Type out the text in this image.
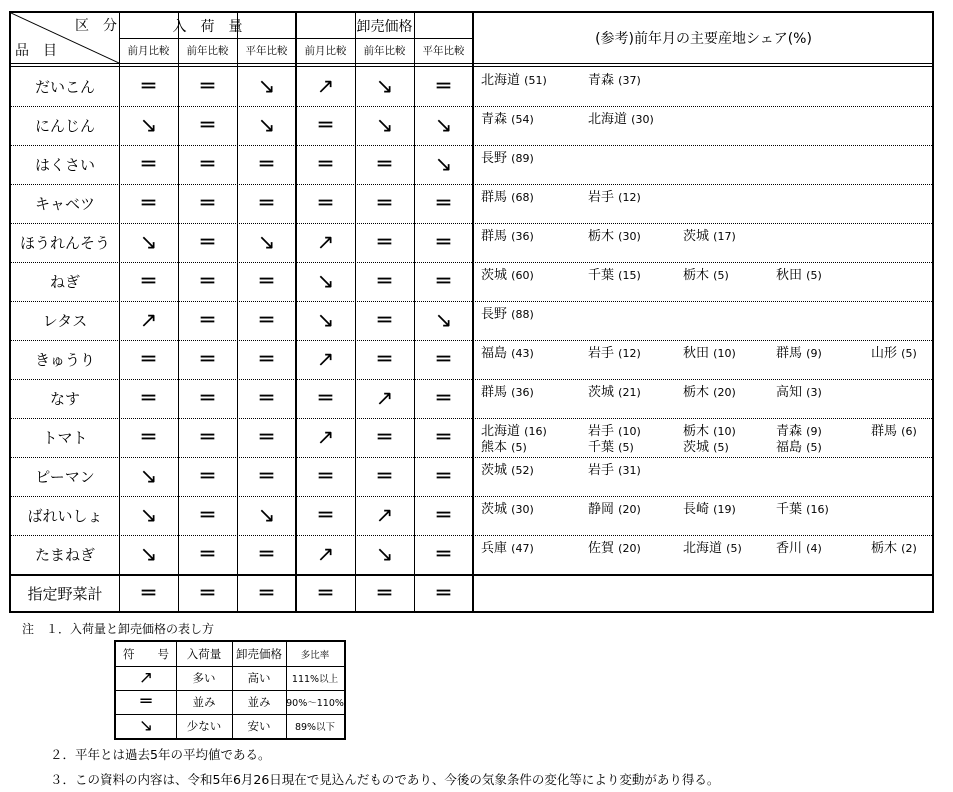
区　分
品　目
入　荷　量	卸売価格
(参考)前年月の主要産地シェア(%)
前月比較	前年比較	平年比較	前月比較	前年比較	平年比較
だいこん	═	═	↘	↗	↘	═	北海道 (51)	青森 (37)
にんじん	↘	═	↘	═	↘	↘	青森 (54)	北海道 (30)
はくさい	═	═	═	═	═	↘	長野 (89)
キャベツ	═	═	═	═	═	═	群馬 (68)	岩手 (12)
ほうれんそう	↘	═	↘	↗	═	═	群馬 (36)	栃木 (30)	茨城 (17)
ねぎ	═	═	═	↘	═	═	茨城 (60)	千葉 (15)	栃木 (5)	秋田 (5)
レタス	↗	═	═	↘	═	↘	長野 (88)
きゅうり	═	═	═	↗	═	═	福島 (43)	岩手 (12)	秋田 (10)	群馬 (9)	山形 (5)
なす	═	═	═	═	↗	═	群馬 (36)	茨城 (21)	栃木 (20)	高知 (3)
トマト	═	═	═	↗	═	═	北海道 (16)	岩手 (10)	栃木 (10)	青森 (9)	群馬 (6)
熊本 (5)	千葉 (5)	茨城 (5)	福島 (5)
ピーマン	↘	═	═	═	═	═	茨城 (52)	岩手 (31)
ばれいしょ	↘	═	↘	═	↗	═	茨城 (30)	静岡 (20)	長崎 (19)	千葉 (16)
たまねぎ	↘	═	═	↗	↘	═	兵庫 (47)	佐賀 (20)	北海道 (5)	香川 (4)	栃木 (2)
指定野菜計	═	═	═	═	═	═
注　１．入荷量と卸売価格の表し方
符　　号	入荷量	卸売価格	多比率
↗	多い	高い	111%以上
═	並み	並み	90%～110%
↘	少ない	安い	89%以下
２．平年とは過去5年の平均値である。
３．この資料の内容は、令和5年6月26日現在で見込んだものであり、今後の気象条件の変化等により変動があり得る。
